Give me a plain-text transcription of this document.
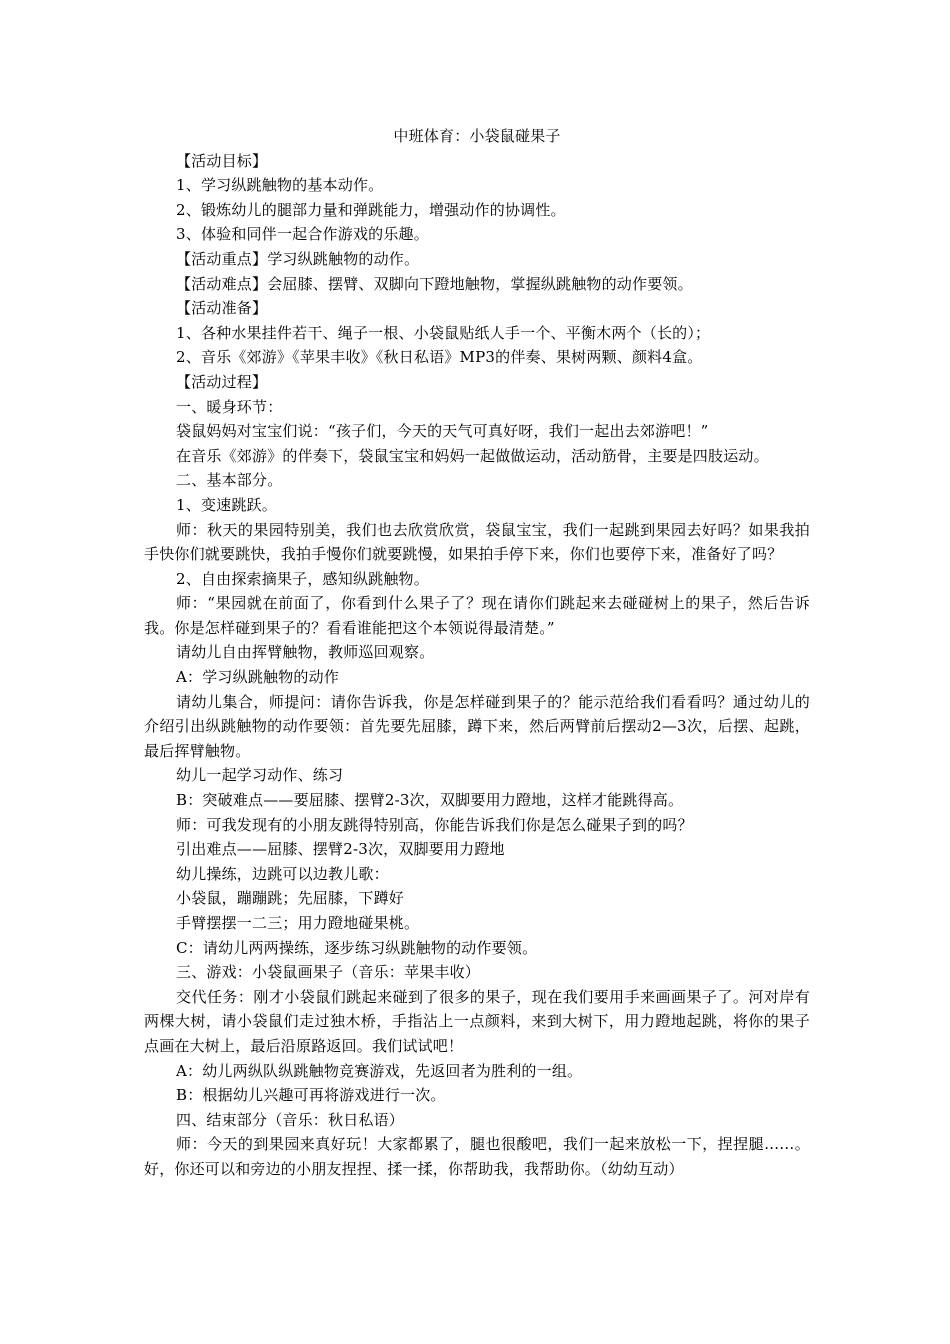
中班体育：小袋鼠碰果子
【活动目标】
1、学习纵跳触物的基本动作。
2、锻炼幼儿的腿部力量和弹跳能力，增强动作的协调性。
3、体验和同伴一起合作游戏的乐趣。
【活动重点】学习纵跳触物的动作。
【活动难点】会屈膝、摆臂、双脚向下蹬地触物，掌握纵跳触物的动作要领。
【活动准备】
1、各种水果挂件若干、绳子一根、小袋鼠贴纸人手一个、平衡木两个（长的）；
2、音乐《郊游》《苹果丰收》《秋日私语》MP3的伴奏、果树两颗、颜料4盒。
【活动过程】
一、暖身环节：
袋鼠妈妈对宝宝们说：“孩子们，今天的天气可真好呀，我们一起出去郊游吧！”
在音乐《郊游》的伴奏下，袋鼠宝宝和妈妈一起做做运动，活动筋骨，主要是四肢运动。
二、基本部分。
1、变速跳跃。
师：秋天的果园特别美，我们也去欣赏欣赏，袋鼠宝宝，我们一起跳到果园去好吗？如果我拍手快你们就要跳快，我拍手慢你们就要跳慢，如果拍手停下来，你们也要停下来，准备好了吗？
2、自由探索摘果子，感知纵跳触物。
师：“果园就在前面了，你看到什么果子了？现在请你们跳起来去碰碰树上的果子，然后告诉我。你是怎样碰到果子的？看看谁能把这个本领说得最清楚。”
请幼儿自由挥臂触物，教师巡回观察。
A：学习纵跳触物的动作
请幼儿集合，师提问：请你告诉我，你是怎样碰到果子的？能示范给我们看看吗？通过幼儿的介绍引出纵跳触物的动作要领：首先要先屈膝，蹲下来，然后两臂前后摆动2—3次，后摆、起跳，最后挥臂触物。
幼儿一起学习动作、练习
B：突破难点——要屈膝、摆臂2-3次，双脚要用力蹬地，这样才能跳得高。
师：可我发现有的小朋友跳得特别高，你能告诉我们你是怎么碰果子到的吗？
引出难点——屈膝、摆臂2-3次，双脚要用力蹬地
幼儿操练，边跳可以边教儿歌：
小袋鼠，蹦蹦跳；先屈膝，下蹲好
手臂摆摆一二三；用力蹬地碰果桃。
C：请幼儿两两操练，逐步练习纵跳触物的动作要领。
三、游戏：小袋鼠画果子（音乐：苹果丰收）
交代任务：刚才小袋鼠们跳起来碰到了很多的果子，现在我们要用手来画画果子了。河对岸有两棵大树，请小袋鼠们走过独木桥，手指沾上一点颜料，来到大树下，用力蹬地起跳，将你的果子点画在大树上，最后沿原路返回。我们试试吧！
A：幼儿两纵队纵跳触物竞赛游戏，先返回者为胜利的一组。
B：根据幼儿兴趣可再将游戏进行一次。
四、结束部分（音乐：秋日私语）
师：今天的到果园来真好玩！大家都累了，腿也很酸吧，我们一起来放松一下，捏捏腿……。好，你还可以和旁边的小朋友捏捏、揉一揉，你帮助我，我帮助你。（幼幼互动）
